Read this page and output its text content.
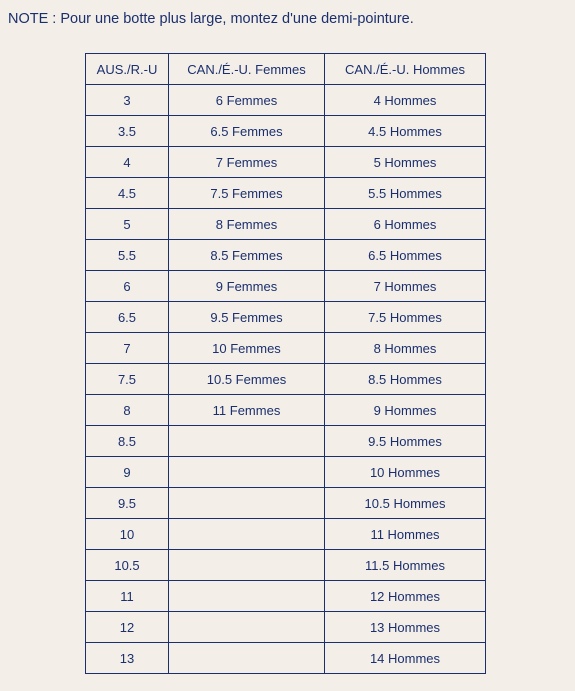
NOTE : Pour une botte plus large, montez d'une demi-pointure.
AUS./R.-U	CAN./É.-U. Femmes	CAN./É.-U. Hommes
3	6 Femmes	4 Hommes
3.5	6.5 Femmes	4.5 Hommes
4	7 Femmes	5 Hommes
4.5	7.5 Femmes	5.5 Hommes
5	8 Femmes	6 Hommes
5.5	8.5 Femmes	6.5 Hommes
6	9 Femmes	7 Hommes
6.5	9.5 Femmes	7.5 Hommes
7	10 Femmes	8 Hommes
7.5	10.5 Femmes	8.5 Hommes
8	11 Femmes	9 Hommes
8.5		9.5 Hommes
9		10 Hommes
9.5		10.5 Hommes
10		11 Hommes
10.5		11.5 Hommes
11		12 Hommes
12		13 Hommes
13		14 Hommes
